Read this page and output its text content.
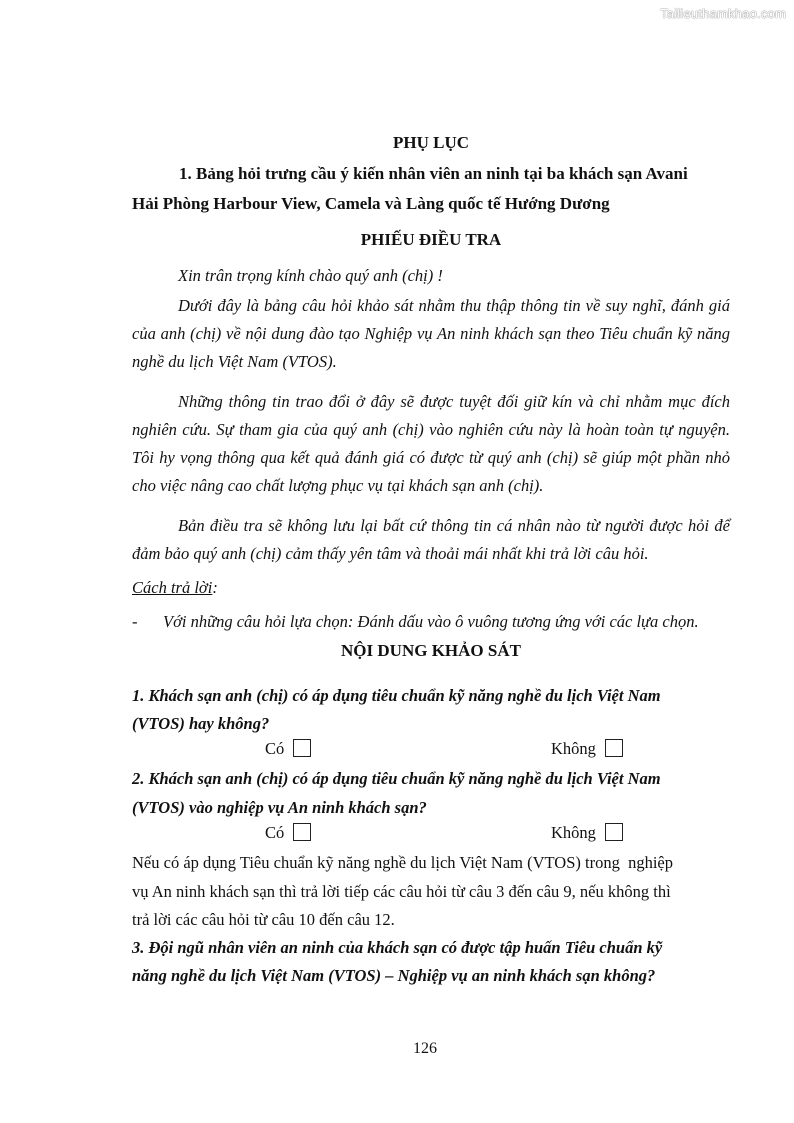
Tailieuthamkhao.com
PHỤ LỤC
1. Bảng hỏi trưng cầu ý kiến nhân viên an ninh tại ba khách sạn Avani
Hải Phòng Harbour View, Camela và Làng quốc tế Hướng Dương
PHIẾU ĐIỀU TRA
Xin trân trọng kính chào quý anh (chị) !
Dưới đây là bảng câu hỏi khảo sát nhằm thu thập thông tin về suy nghĩ, đánh giá của anh (chị) về nội dung đào tạo Nghiệp vụ An ninh khách sạn theo Tiêu chuẩn kỹ năng nghề du lịch Việt Nam (VTOS).
Những thông tin trao đổi ở đây sẽ được tuyệt đối giữ kín và chỉ nhằm mục đích nghiên cứu. Sự tham gia của quý anh (chị) vào nghiên cứu này là hoàn toàn tự nguyện. Tôi hy vọng thông qua kết quả đánh giá có được từ quý anh (chị) sẽ giúp một phần nhỏ cho việc nâng cao chất lượng phục vụ tại khách sạn anh (chị).
Bản điều tra sẽ không lưu lại bất cứ thông tin cá nhân nào từ người được hỏi để đảm bảo quý anh (chị) cảm thấy yên tâm và thoải mái nhất khi trả lời câu hỏi.
Cách trả lời:
- Với những câu hỏi lựa chọn: Đánh dấu vào ô vuông tương ứng với các lựa chọn.
NỘI DUNG KHẢO SÁT
1. Khách sạn anh (chị) có áp dụng tiêu chuẩn kỹ năng nghề du lịch Việt Nam
(VTOS) hay không?
Có	Không
2. Khách sạn anh (chị) có áp dụng tiêu chuẩn kỹ năng nghề du lịch Việt Nam
(VTOS) vào nghiệp vụ An ninh khách sạn?
Có	Không
Nếu có áp dụng Tiêu chuẩn kỹ năng nghề du lịch Việt Nam (VTOS) trong  nghiệp
vụ An ninh khách sạn thì trả lời tiếp các câu hỏi từ câu 3 đến câu 9, nếu không thì
trả lời các câu hỏi từ câu 10 đến câu 12.
3. Đội ngũ nhân viên an ninh của khách sạn có được tập huấn Tiêu chuẩn kỹ
năng nghề du lịch Việt Nam (VTOS) – Nghiệp vụ an ninh khách sạn không?
126
